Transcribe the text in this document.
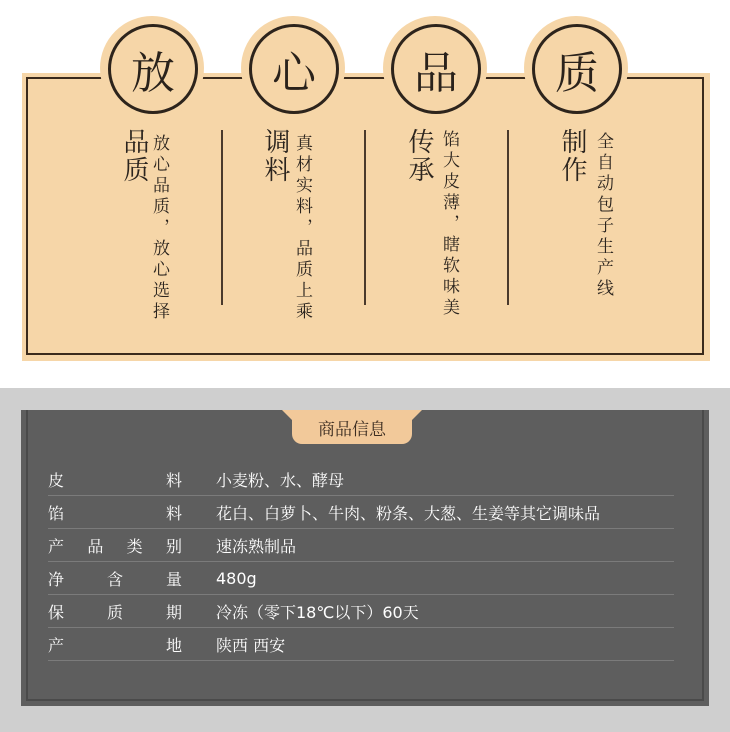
放	心	品	质
品质 放心品质，放心选择	调料 真材实料，品质上乘	传承 馅大皮薄，瞎软味美	制作 全自动包子生产线
商品信息
皮	料 小麦粉、水、酵母
馅	料 花白、白萝卜、牛肉、粉条、大葱、生姜等其它调味品
产 品 类 别 速冻熟制品
净	含	量 480g
保	质	期 冷冻（零下18℃以下）60天
产	地 陕西 西安
